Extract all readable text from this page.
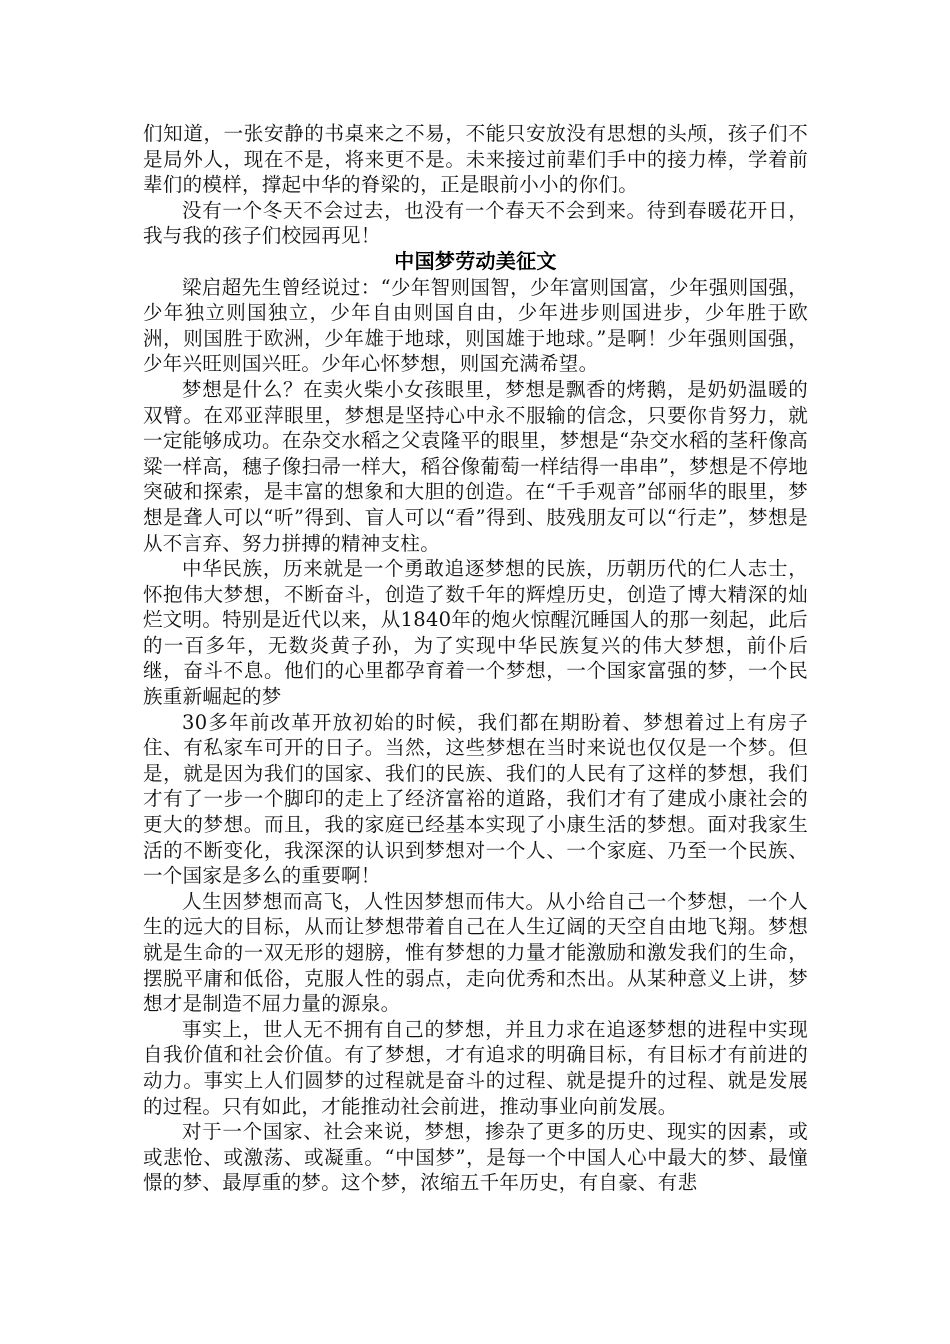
们知道，一张安静的书桌来之不易，不能只安放没有思想的头颅，孩子们不是局外人，现在不是，将来更不是。未来接过前辈们手中的接力棒，学着前辈们的模样，撑起中华的脊梁的，正是眼前小小的你们。

没有一个冬天不会过去，也没有一个春天不会到来。待到春暖花开日，我与我的孩子们校园再见！

中国梦劳动美征文

梁启超先生曾经说过：“少年智则国智，少年富则国富，少年强则国强，少年独立则国独立，少年自由则国自由，少年进步则国进步，少年胜于欧洲，则国胜于欧洲，少年雄于地球，则国雄于地球。”是啊！少年强则国强，少年兴旺则国兴旺。少年心怀梦想，则国充满希望。

梦想是什么？在卖火柴小女孩眼里，梦想是飘香的烤鹅，是奶奶温暖的双臂。在邓亚萍眼里，梦想是坚持心中永不服输的信念，只要你肯努力，就一定能够成功。在杂交水稻之父袁隆平的眼里，梦想是“杂交水稻的茎秆像高粱一样高，穗子像扫帚一样大，稻谷像葡萄一样结得一串串”，梦想是不停地突破和探索，是丰富的想象和大胆的创造。在“千手观音”邰丽华的眼里，梦想是聋人可以“听”得到、盲人可以“看”得到、肢残朋友可以“行走”，梦想是从不言弃、努力拼搏的精神支柱。

中华民族，历来就是一个勇敢追逐梦想的民族，历朝历代的仁人志士，怀抱伟大梦想，不断奋斗，创造了数千年的辉煌历史，创造了博大精深的灿烂文明。特别是近代以来，从1840年的炮火惊醒沉睡国人的那一刻起，此后的一百多年，无数炎黄子孙，为了实现中华民族复兴的伟大梦想，前仆后继，奋斗不息。他们的心里都孕育着一个梦想，一个国家富强的梦，一个民族重新崛起的梦

30多年前改革开放初始的时候，我们都在期盼着、梦想着过上有房子住、有私家车可开的日子。当然，这些梦想在当时来说也仅仅是一个梦。但是，就是因为我们的国家、我们的民族、我们的人民有了这样的梦想，我们才有了一步一个脚印的走上了经济富裕的道路，我们才有了建成小康社会的更大的梦想。而且，我的家庭已经基本实现了小康生活的梦想。面对我家生活的不断变化，我深深的认识到梦想对一个人、一个家庭、乃至一个民族、一个国家是多么的重要啊！

人生因梦想而高飞，人性因梦想而伟大。从小给自己一个梦想，一个人生的远大的目标，从而让梦想带着自己在人生辽阔的天空自由地飞翔。梦想就是生命的一双无形的翅膀，惟有梦想的力量才能激励和激发我们的生命，摆脱平庸和低俗，克服人性的弱点，走向优秀和杰出。从某种意义上讲，梦想才是制造不屈力量的源泉。

事实上，世人无不拥有自己的梦想，并且力求在追逐梦想的进程中实现自我价值和社会价值。有了梦想，才有追求的明确目标，有目标才有前进的动力。事实上人们圆梦的过程就是奋斗的过程、就是提升的过程、就是发展的过程。只有如此，才能推动社会前进，推动事业向前发展。

对于一个国家、社会来说，梦想，掺杂了更多的历史、现实的因素，或或悲怆、或激荡、或凝重。“中国梦”，是每一个中国人心中最大的梦、最憧憬的梦、最厚重的梦。这个梦，浓缩五千年历史，有自豪、有悲
